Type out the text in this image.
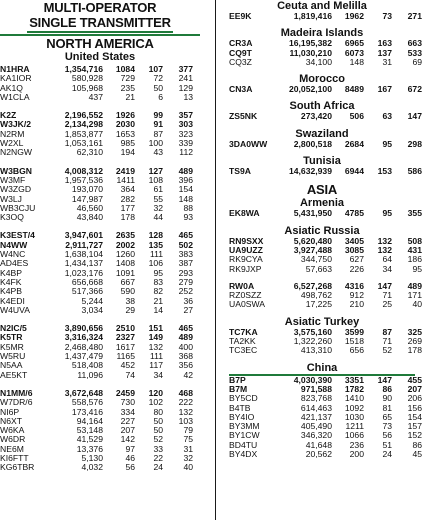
MULTI-OPERATOR
SINGLE TRANSMITTER
NORTH AMERICA
United States
N1HRA	1,354,716	1084	107	377
KA1IOR	580,928	729	72	241
AK1Q	105,968	235	50	129
W1CLA	437	21	6	13
K2Z	2,196,552	1926	99	357
W3JK/2	2,134,298	2030	91	303
N2RM	1,853,877	1653	87	323
W2XL	1,053,161	985	100	339
N2NGW	62,310	194	43	112
W3BGN	4,008,312	2419	127	489
W3MF	1,957,536	1411	108	396
W3ZGD	193,070	364	61	154
W3LJ	147,987	282	55	148
WB3CJU	46,560	177	32	88
K3OQ	43,840	178	44	93
K3EST/4	3,947,601	2635	128	465
N4WW	2,911,727	2002	135	502
W4NC	1,638,104	1260	111	383
AD4ES	1,434,137	1408	106	387
K4BP	1,023,176	1091	95	293
K4FK	656,668	667	83	279
K4PB	517,366	590	82	252
K4EDI	5,244	38	21	36
W4UVA	3,034	29	14	27
N2IC/5	3,890,656	2510	151	465
K5TR	3,316,324	2327	149	489
K5MR	2,468,480	1617	132	400
W5RU	1,437,479	1165	111	368
N5AA	518,408	452	117	356
AE5KT	11,096	74	34	42
N1MM/6	3,672,648	2459	120	468
W7DR/6	558,576	730	102	222
NI6P	173,416	334	80	132
N6XT	94,164	227	50	103
W6KA	53,148	207	50	79
W6DR	41,529	142	52	75
NE6M	13,376	97	33	31
KI6FTT	5,130	46	22	32
KG6TBR	4,032	56	24	40
Ceuta and Melilla
EE9K	1,819,416	1962	73	271
Madeira Islands
CR3A	16,195,382	6965	163	663
CQ9T	11,030,210	6073	137	533
CQ3Z	34,100	148	31	69
Morocco
CN3A	20,052,100	8489	167	672
South Africa
ZS5NK	273,420	506	63	147
Swaziland
3DA0WW	2,800,518	2684	95	298
Tunisia
TS9A	14,632,939	6944	153	586
ASIA
Armenia
EK8WA	5,431,950	4785	95	355
Asiatic Russia
RN9SXX	5,620,480	3405	132	508
UA9UZZ	3,927,488	3085	132	431
RK9CYA	344,750	627	64	186
RK9JXP	57,663	226	34	95
RW0A	6,527,268	4316	147	489
RZ0SZZ	498,762	912	71	171
UA0SWA	17,225	210	25	40
Asiatic Turkey
TC7KA	3,575,160	3599	87	325
TA2KK	1,322,260	1518	71	269
TC3EC	413,310	656	52	178
China
B7P	4,030,390	3351	147	455
B7M	971,588	1782	86	207
BY5CD	823,768	1410	90	206
B4TB	614,463	1092	81	156
BY4IO	421,137	1030	65	154
BY3MM	405,490	1211	73	157
BY1CW	346,320	1066	56	152
BD4TU	41,648	236	51	86
BY4DX	20,562	200	24	45
